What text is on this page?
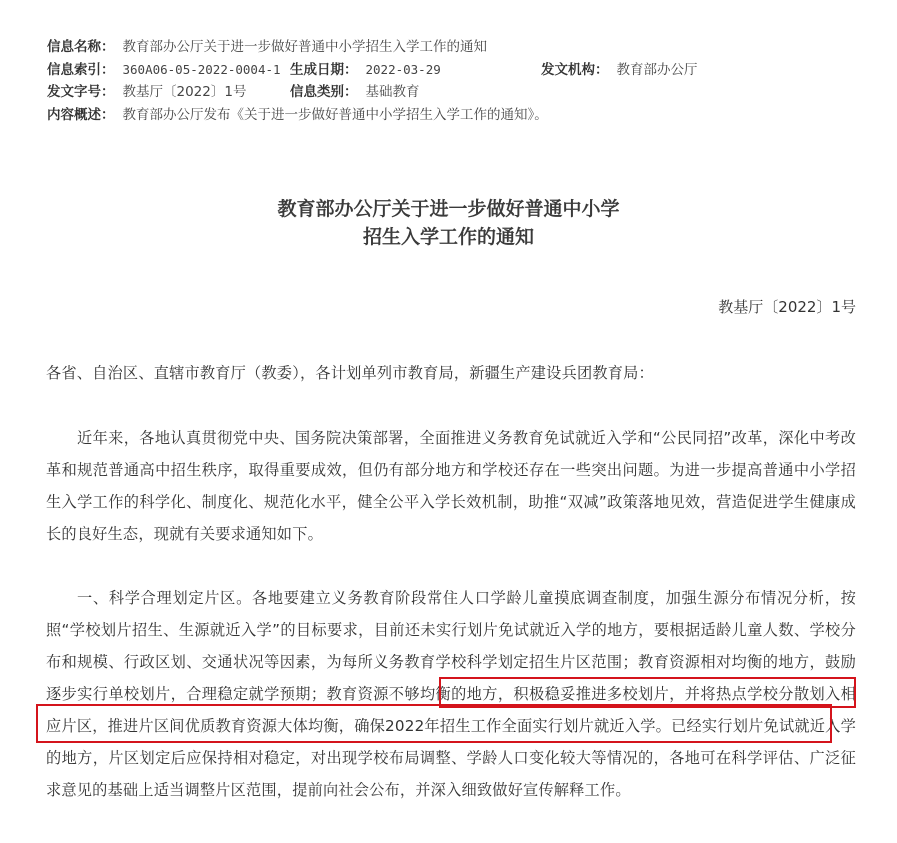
信息名称： 教育部办公厅关于进一步做好普通中小学招生入学工作的通知
信息索引： 360A06-05-2022-0004-1 生成日期： 2022-03-29	发文机构： 教育部办公厅
发文字号： 教基厅〔2022〕1号	信息类别： 基础教育
内容概述： 教育部办公厅发布《关于进一步做好普通中小学招生入学工作的通知》。
教育部办公厅关于进一步做好普通中小学
招生入学工作的通知
教基厅〔2022〕1号
各省、自治区、直辖市教育厅（教委），各计划单列市教育局，新疆生产建设兵团教育局：
近年来，各地认真贯彻党中央、国务院决策部署，全面推进义务教育免试就近入学和“公民同招”改革，深化中考改革和规范普通高中招生秩序，取得重要成效，但仍有部分地方和学校还存在一些突出问题。为进一步提高普通中小学招生入学工作的科学化、制度化、规范化水平，健全公平入学长效机制，助推“双减”政策落地见效，营造促进学生健康成长的良好生态，现就有关要求通知如下。
一、科学合理划定片区。各地要建立义务教育阶段常住人口学龄儿童摸底调查制度，加强生源分布情况分析，按照“学校划片招生、生源就近入学”的目标要求，目前还未实行划片免试就近入学的地方，要根据适龄儿童人数、学校分布和规模、行政区划、交通状况等因素，为每所义务教育学校科学划定招生片区范围；教育资源相对均衡的地方，鼓励逐步实行单校划片，合理稳定就学预期；教育资源不够均衡的地方，积极稳妥推进多校划片，并将热点学校分散划入相应片区，推进片区间优质教育资源大体均衡，确保2022年招生工作全面实行划片就近入学。已经实行划片免试就近入学的地方，片区划定后应保持相对稳定，对出现学校布局调整、学龄人口变化较大等情况的，各地可在科学评估、广泛征求意见的基础上适当调整片区范围，提前向社会公布，并深入细致做好宣传解释工作。
